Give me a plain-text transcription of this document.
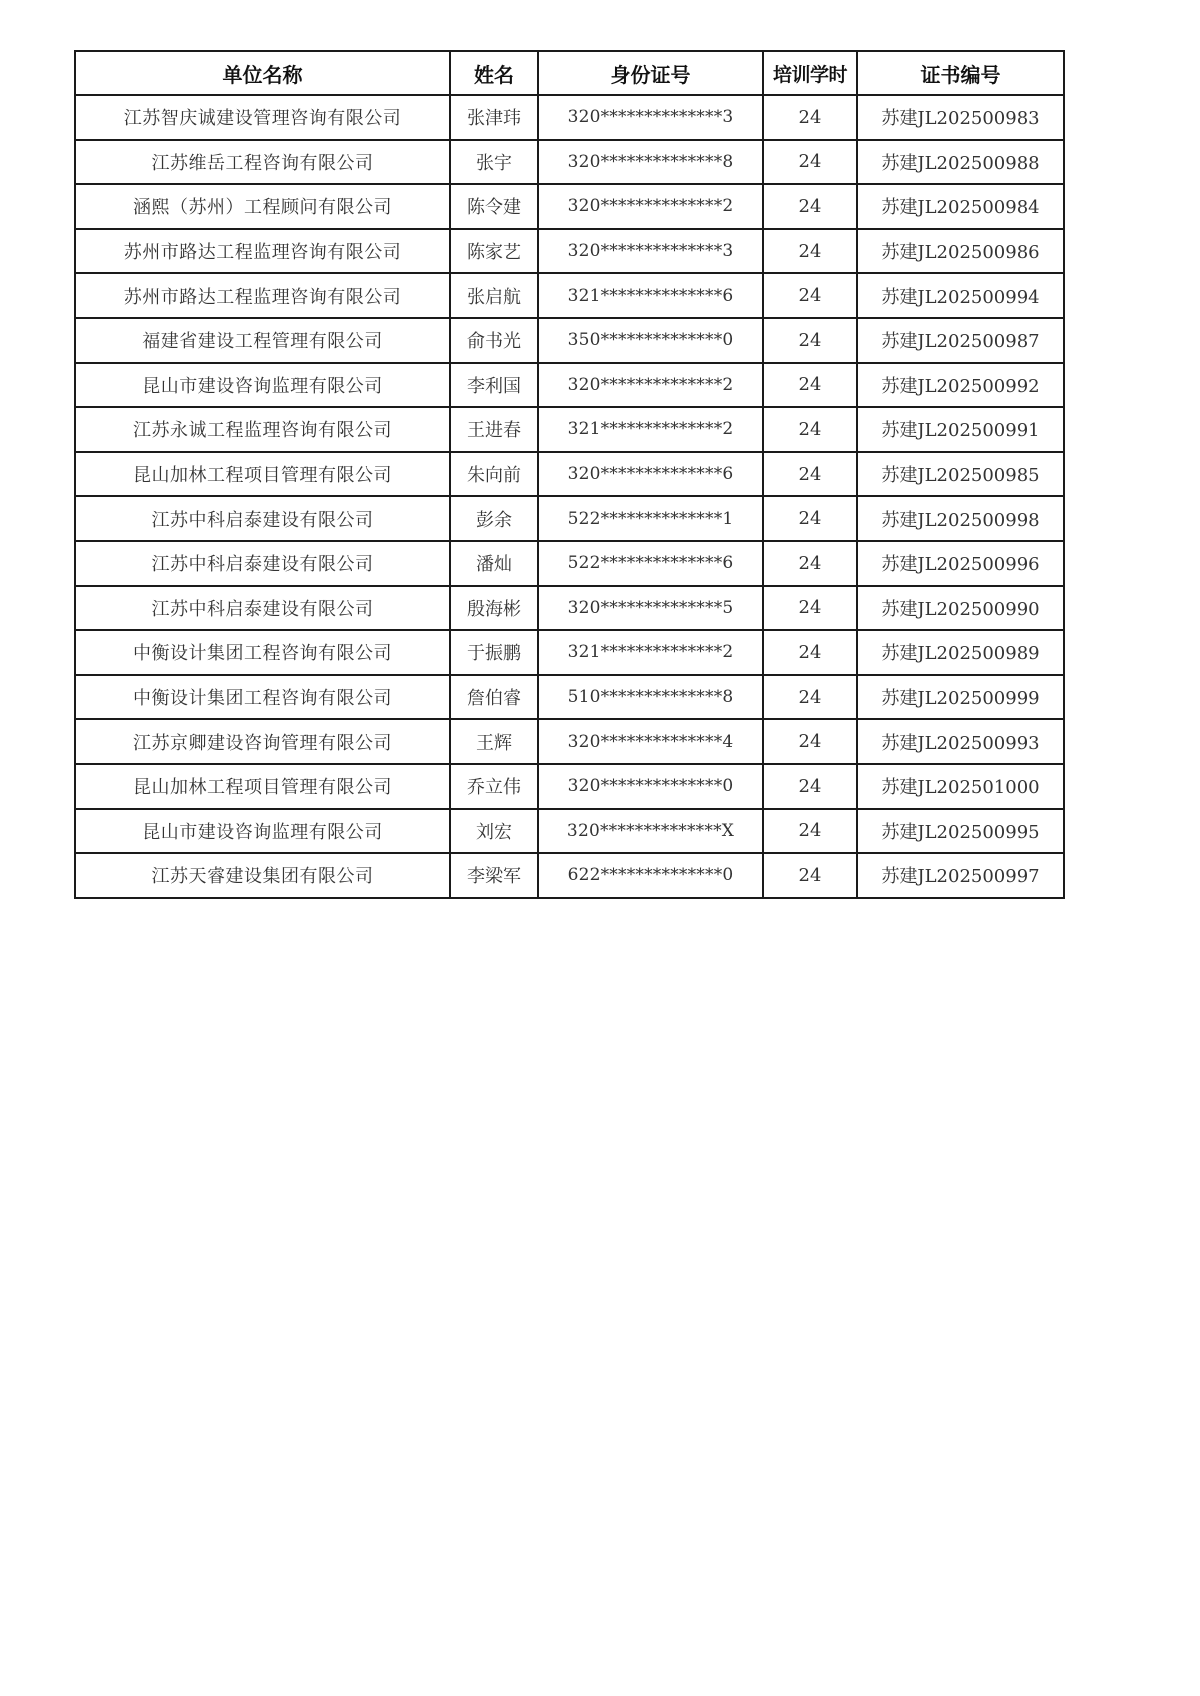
单位名称	姓名	身份证号	培训学时	证书编号
江苏智庆诚建设管理咨询有限公司	张津玮	320**************3	24	苏建JL202500983
江苏维岳工程咨询有限公司	张宇	320**************8	24	苏建JL202500988
涵熙（苏州）工程顾问有限公司	陈令建	320**************2	24	苏建JL202500984
苏州市路达工程监理咨询有限公司	陈家艺	320**************3	24	苏建JL202500986
苏州市路达工程监理咨询有限公司	张启航	321**************6	24	苏建JL202500994
福建省建设工程管理有限公司	俞书光	350**************0	24	苏建JL202500987
昆山市建设咨询监理有限公司	李利国	320**************2	24	苏建JL202500992
江苏永诚工程监理咨询有限公司	王进春	321**************2	24	苏建JL202500991
昆山加林工程项目管理有限公司	朱向前	320**************6	24	苏建JL202500985
江苏中科启泰建设有限公司	彭余	522**************1	24	苏建JL202500998
江苏中科启泰建设有限公司	潘灿	522**************6	24	苏建JL202500996
江苏中科启泰建设有限公司	殷海彬	320**************5	24	苏建JL202500990
中衡设计集团工程咨询有限公司	于振鹏	321**************2	24	苏建JL202500989
中衡设计集团工程咨询有限公司	詹伯睿	510**************8	24	苏建JL202500999
江苏京卿建设咨询管理有限公司	王辉	320**************4	24	苏建JL202500993
昆山加林工程项目管理有限公司	乔立伟	320**************0	24	苏建JL202501000
昆山市建设咨询监理有限公司	刘宏	320**************X	24	苏建JL202500995
江苏天睿建设集团有限公司	李梁军	622**************0	24	苏建JL202500997
